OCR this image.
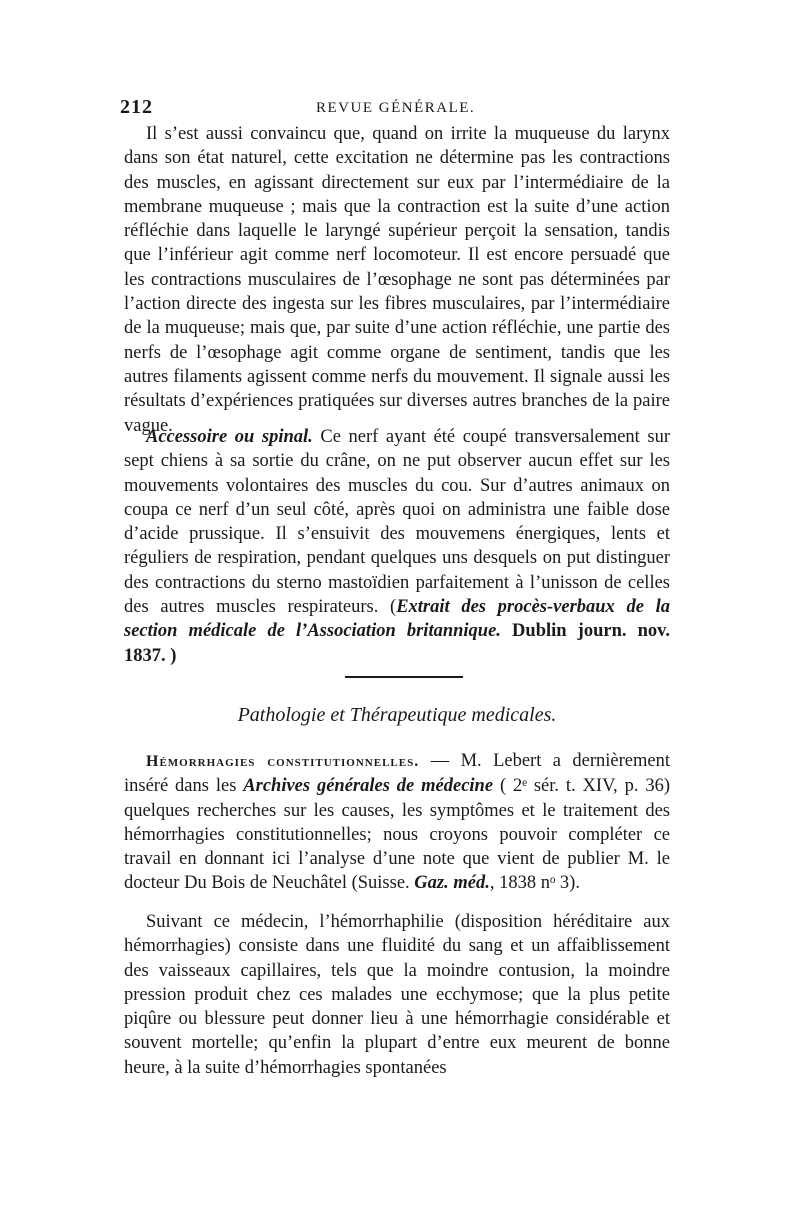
212	REVUE GÉNÉRALE.

Il s’est aussi convaincu que, quand on irrite la muqueuse du larynx dans son état naturel, cette excitation ne détermine pas les contractions des muscles, en agissant directement sur eux par l’intermédiaire de la membrane muqueuse ; mais que la contraction est la suite d’une action réfléchie dans laquelle le laryngé supérieur perçoit la sensation, tandis que l’inférieur agit comme nerf locomoteur. Il est encore persuadé que les contractions musculaires de l’œsophage ne sont pas déterminées par l’action directe des ingesta sur les fibres musculaires, par l’intermédiaire de la muqueuse; mais que, par suite d’une action réfléchie, une partie des nerfs de l’œsophage agit comme organe de sentiment, tandis que les autres filaments agissent comme nerfs du mouvement. Il signale aussi les résultats d’expériences pratiquées sur diverses autres branches de la paire vague.

Accessoire ou spinal. Ce nerf ayant été coupé transversalement sur sept chiens à sa sortie du crâne, on ne put observer aucun effet sur les mouvements volontaires des muscles du cou. Sur d’autres animaux on coupa ce nerf d’un seul côté, après quoi on administra une faible dose d’acide prussique. Il s’ensuivit des mouvemens énergiques, lents et réguliers de respiration, pendant quelques uns desquels on put distinguer des contractions du sterno mastoïdien parfaitement à l’unisson de celles des autres muscles respirateurs. (Extrait des procès-verbaux de la section médicale de l’Association britannique. Dublin journ. nov. 1837. )

Pathologie et Thérapeutique medicales.

Hémorrhagies constitutionnelles. — M. Lebert a dernièrement inséré dans les Archives générales de médecine ( 2ᵉ sér. t. XIV, p. 36) quelques recherches sur les causes, les symptômes et le traitement des hémorrhagies constitutionnelles; nous croyons pouvoir compléter ce travail en donnant ici l’analyse d’une note que vient de publier M. le docteur Du Bois de Neuchâtel (Suisse. Gaz. méd., 1838 nᵒ 3).

Suivant ce médecin, l’hémorrhaphilie (disposition héréditaire aux hémorrhagies) consiste dans une fluidité du sang et un affaiblissement des vaisseaux capillaires, tels que la moindre contusion, la moindre pression produit chez ces malades une ecchymose; que la plus petite piqûre ou blessure peut donner lieu à une hémorrhagie considérable et souvent mortelle; qu’enfin la plupart d’entre eux meurent de bonne heure, à la suite d’hémorrhagies spontanées
